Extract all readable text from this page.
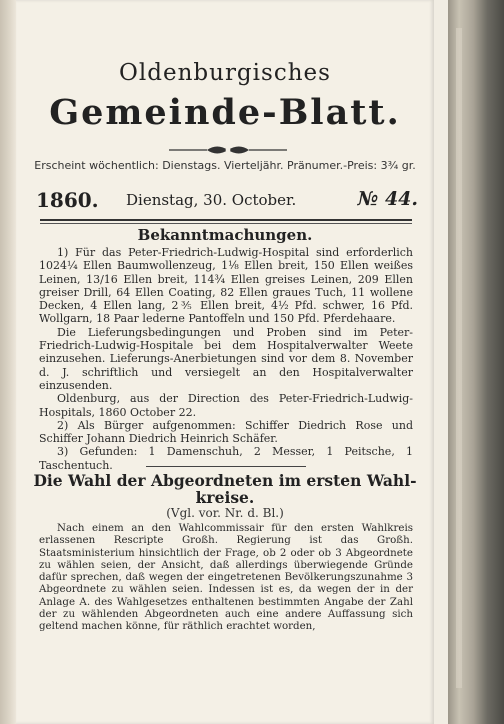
Oldenburgisches
Gemeinde-Blatt.
Erscheint wöchentlich: Dienstags. Vierteljähr. Pränumer.-Preis: 3¾ gr.
1860. Dienstag, 30. October.	№ 44.
Bekanntmachungen.

1) Für das Peter-Friedrich-Ludwig-Hospital sind erforderlich 1024¼ Ellen Baumwollenzeug, 1⅛ Ellen breit, 150 Ellen weißes Leinen, 13/16 Ellen breit, 114¾ Ellen greises Leinen, 209 Ellen greiser Drill, 64 Ellen Coating, 82 Ellen graues Tuch, 11 wollene Decken, 4 Ellen lang, 2⅗ Ellen breit, 4½ Pfd. schwer, 16 Pfd. Wollgarn, 18 Paar lederne Pantoffeln und 150 Pfd. Pferdehaare.

Die Lieferungsbedingungen und Proben sind im Peter-Friedrich-Ludwig-Hospitale bei dem Hospitalverwalter Weete einzusehen. Lieferungs-Anerbietungen sind vor dem 8. November d. J. schriftlich und versiegelt an den Hospitalverwalter einzusenden.

Oldenburg, aus der Direction des Peter-Friedrich-Ludwig-Hospitals, 1860 October 22.

2) Als Bürger aufgenommen: Schiffer Diedrich Rose und Schiffer Johann Diedrich Heinrich Schäfer.

3) Gefunden: 1 Damenschuh, 2 Messer, 1 Peitsche, 1 Taschentuch.

Die Wahl der Abgeordneten im ersten Wahl-
kreise.
(Vgl. vor. Nr. d. Bl.)

Nach einem an den Wahlcommissair für den ersten Wahlkreis erlassenen Rescripte Großh. Regierung ist das Großh. Staatsministerium hinsichtlich der Frage, ob 2 oder ob 3 Abgeordnete zu wählen seien, der Ansicht, daß allerdings überwiegende Gründe dafür sprechen, daß wegen der eingetretenen Bevölkerungszunahme 3 Abgeordnete zu wählen seien. Indessen ist es, da wegen der in der Anlage A. des Wahlgesetzes enthaltenen bestimmten Angabe der Zahl der zu wählenden Abgeordneten auch eine andere Auffassung sich geltend machen könne, für räthlich erachtet worden,
